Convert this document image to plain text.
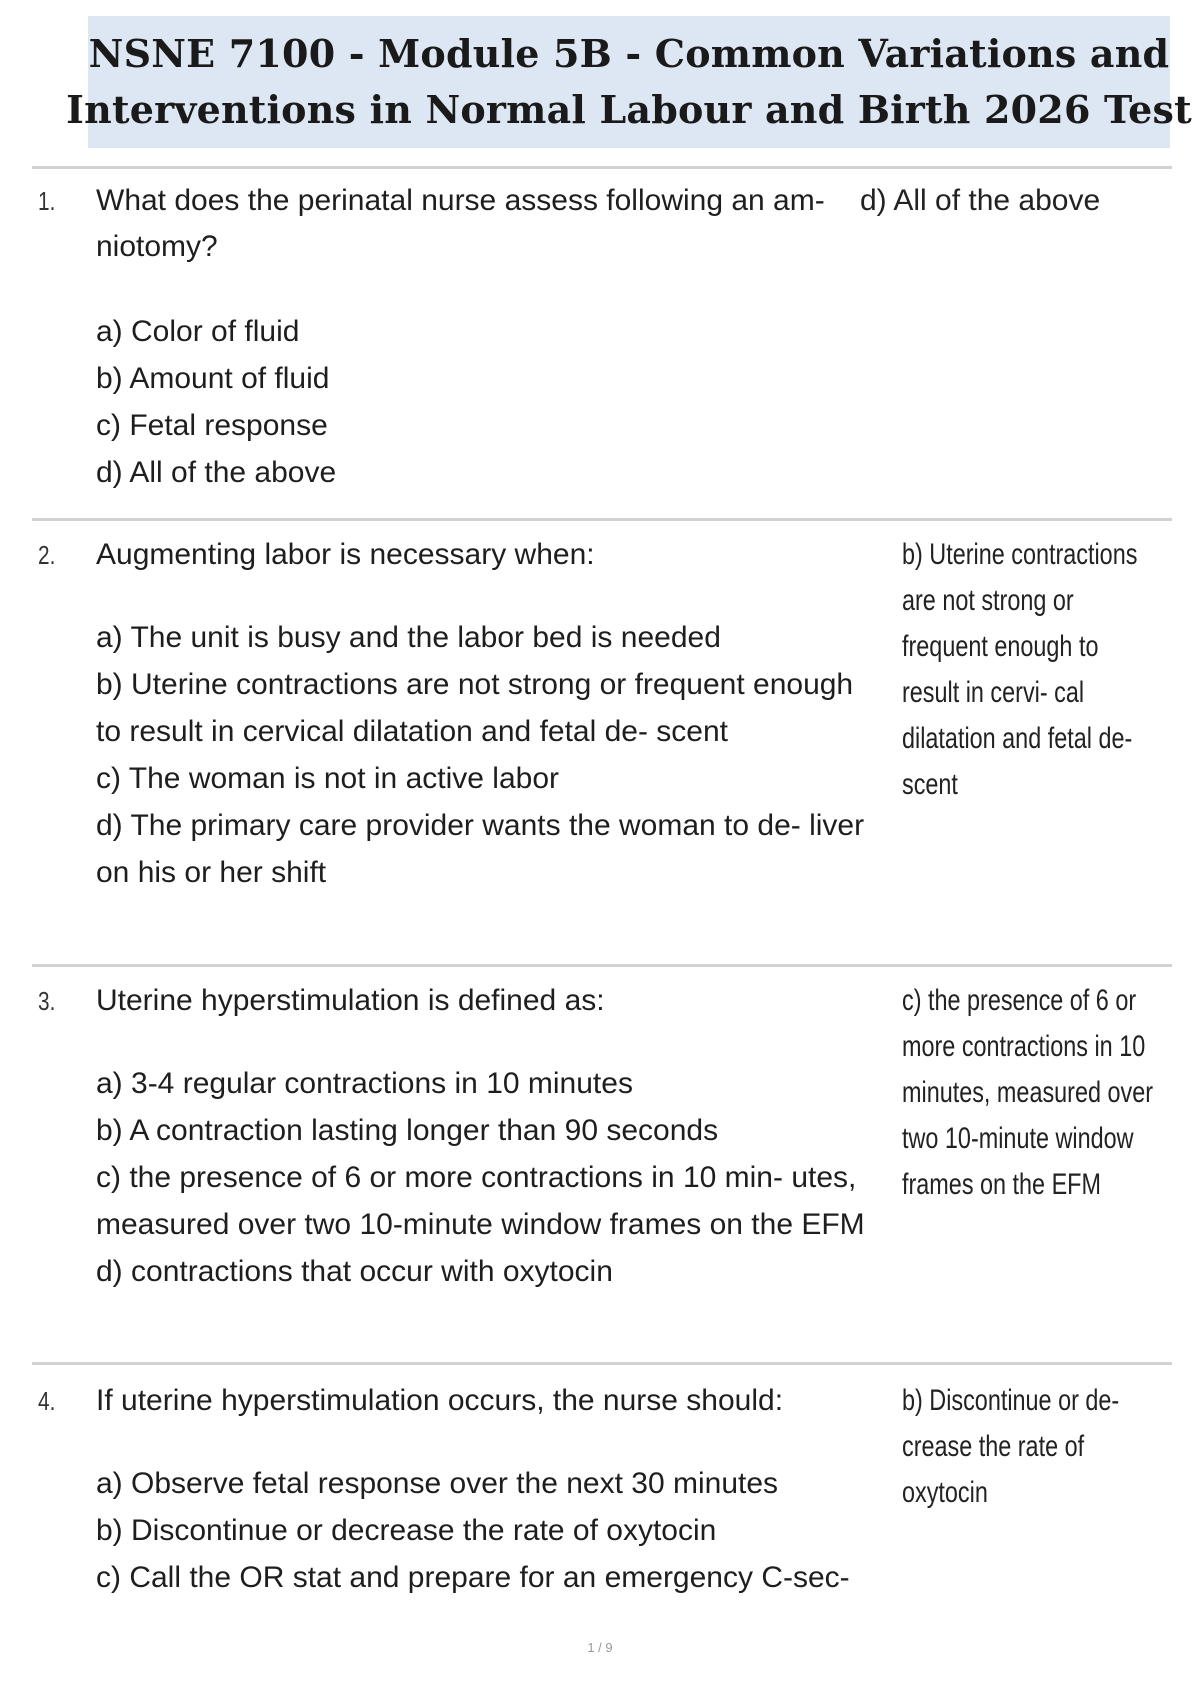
NSNE 7100 - Module 5B - Common Variations and
Interventions in Normal Labour and Birth 2026 Test
1. What does the perinatal nurse assess following an am- niotomy?
d) All of the above
a) Color of fluid
b) Amount of fluid
c) Fetal response
d) All of the above
2. Augmenting labor is necessary when:	b) Uterine contractions are not strong or frequent enough to result in cervi- cal dilatation and fetal de- scent
a) The unit is busy and the labor bed is needed
b) Uterine contractions are not strong or frequent enough to result in cervical dilatation and fetal de- scent
c) The woman is not in active labor
d) The primary care provider wants the woman to de- liver on his or her shift
3. Uterine hyperstimulation is defined as:	c) the presence of 6 or more contractions in 10 minutes, measured over two 10-minute window frames on the EFM
a) 3-4 regular contractions in 10 minutes
b) A contraction lasting longer than 90 seconds
c) the presence of 6 or more contractions in 10 min- utes, measured over two 10-minute window frames on the EFM
d) contractions that occur with oxytocin
4. If uterine hyperstimulation occurs, the nurse should:	b) Discontinue or de- crease the rate of oxytocin
a) Observe fetal response over the next 30 minutes
b) Discontinue or decrease the rate of oxytocin
c) Call the OR stat and prepare for an emergency C-sec-
1 / 9
